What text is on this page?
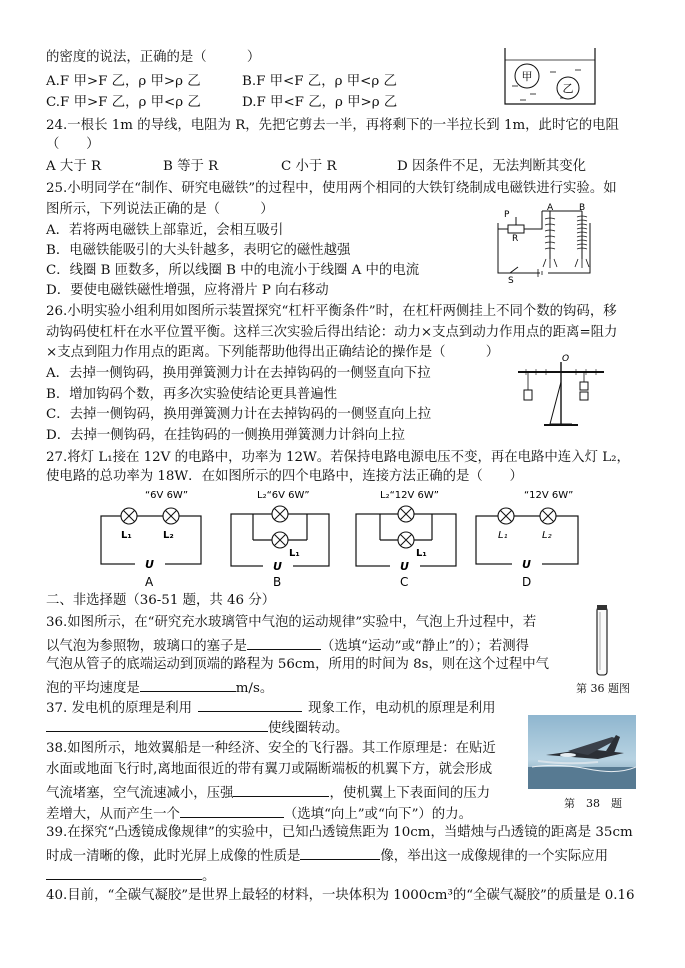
的密度的说法，正确的是（　　　）
A.F 甲>F 乙，ρ 甲>ρ 乙	B.F 甲<F 乙，ρ 甲<ρ 乙
C.F 甲>F 乙，ρ 甲<ρ 乙	D.F 甲<F 乙，ρ 甲>ρ 乙
甲
乙
24.一根长 1m 的导线，电阻为 R，先把它剪去一半，再将剩下的一半拉长到 1m，此时它的电阻
（　　）
A 大于 R	B 等于 R	C 小于 R	D 因条件不足，无法判断其变化
25.小明同学在“制作、研究电磁铁”的过程中，使用两个相同的大铁钉绕制成电磁铁进行实验。如
图所示，下列说法正确的是（　　　）
A．若将两电磁铁上部靠近，会相互吸引
B．电磁铁能吸引的大头针越多，表明它的磁性越强
C．线圈 B 匝数多，所以线圈 B 中的电流小于线圈 A 中的电流
D．要使电磁铁磁性增强，应将滑片 P 向右移动
P
R
S
A	B
26.小明实验小组利用如图所示装置探究“杠杆平衡条件”时，在杠杆两侧挂上不同个数的钩码，移
动钩码使杠杆在水平位置平衡。这样三次实验后得出结论：动力×支点到动力作用点的距离=阻力
×支点到阻力作用点的距离。下列能帮助他得出正确结论的操作是（　　　）
A．去掉一侧钩码，换用弹簧测力计在去掉钩码的一侧竖直向下拉
B．增加钩码个数，再多次实验使结论更具普遍性
C．去掉一侧钩码，换用弹簧测力计在去掉钩码的一侧竖直向上拉
D．去掉一侧钩码，在挂钩码的一侧换用弹簧测力计斜向上拉
O
27.将灯 L₁接在 12V 的电路中，功率为 12W。若保持电路电源电压不变，再在电路中连入灯 L₂，
使电路的总功率为 18W．在如图所示的四个电路中，连接方法正确的是（　　）
“6V 6W”
L₁	L₂
U
A
L₂“6V 6W”
L₁
U
B
L₂“12V 6W”
L₁
U
C
“12V 6W”
L₁	L₂
U
D
二、非选择题（36-51 题，共 46 分）
36.如图所示，在“研究充水玻璃管中气泡的运动规律”实验中，气泡上升过程中，若
以气泡为参照物，玻璃口的塞子是	（选填“运动”或“静止”的）；若测得
气泡从管子的底端运动到顶端的路程为 56cm，所用的时间为 8s，则在这个过程中气
泡的平均速度是	m/s。	第 36 题图
37. 发电机的原理是利用	现象工作，电动机的原理是利用
使线圈转动。
38.如图所示，地效翼船是一种经济、安全的飞行器。其工作原理是：在贴近
水面或地面飞行时,离地面很近的带有翼刀或隔断端板的机翼下方，就会形成
气流堵塞，空气流速减小，压强	，使机翼上下表面间的压力
差增大，从而产生一个	（选填“向上”或“向下”）的力。
第　38　题
39.在探究“凸透镜成像规律”的实验中，已知凸透镜焦距为 10cm，当蜡烛与凸透镜的距离是 35cm
时成一清晰的像，此时光屏上成像的性质是	像，举出这一成像规律的一个实际应用
。
40.目前，“全碳气凝胶”是世界上最轻的材料，一块体积为 1000cm³的“全碳气凝胶”的质量是 0.16
